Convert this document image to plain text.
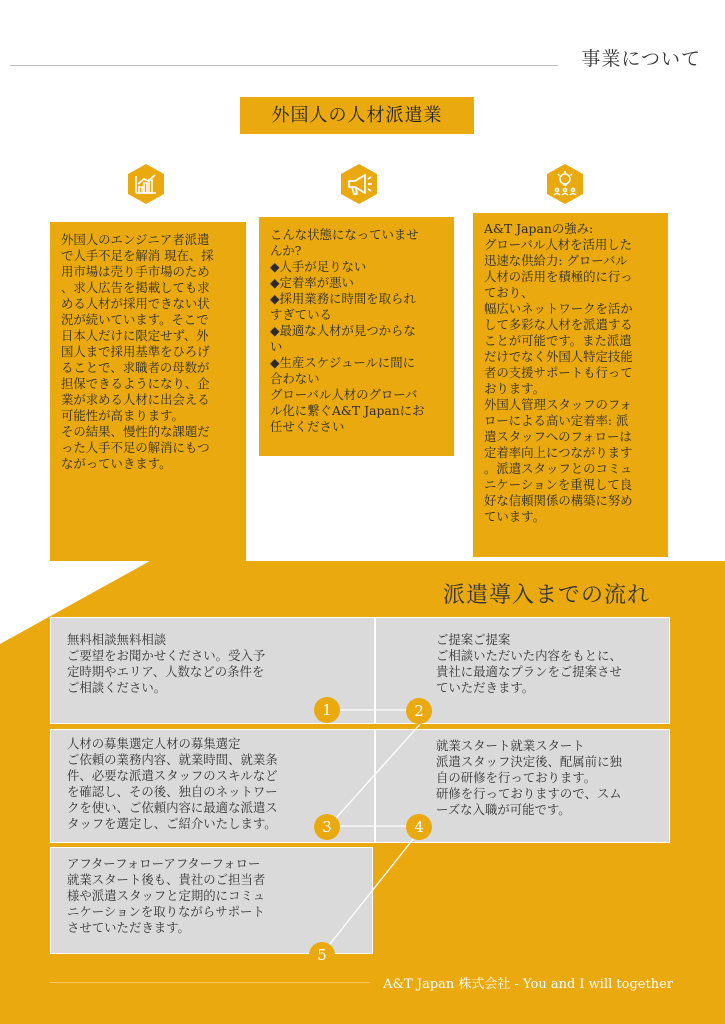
事業について
外国人の人材派遣業

外国人のエンジニア者派遣
で人手不足を解消 現在、採
用市場は売り手市場のため
、求人広告を掲載しても求
める人材が採用できない状
況が続いています。そこで
日本人だけに限定せず、外
国人まで採用基準をひろげ
ることで、求職者の母数が
担保できるようになり、企
業が求める人材に出会える
可能性が高まります。
その結果、慢性的な課題だ
った人手不足の解消にもつ
ながっていきます。

こんな状態になっていませ
んか?
◆人手が足りない
◆定着率が悪い
◆採用業務に時間を取られ
すぎている
◆最適な人材が見つからな
い
◆生産スケジュールに間に
合わない
グローバル人材のグローバ
ル化に繋ぐA&T Japanにお
任せください

A&T Japanの強み:
グローバル人材を活用した
迅速な供給力: グローバル
人材の活用を積極的に行っ
ており、
幅広いネットワークを活か
して多彩な人材を派遣する
ことが可能です。また派遣
だけでなく外国人特定技能
者の支援サポートも行って
おります。
外国人管理スタッフのフォ
ローによる高い定着率: 派
遣スタッフへのフォローは
定着率向上につながります
。派遣スタッフとのコミュ
ニケーションを重視して良
好な信頼関係の構築に努め
ています。

派遣導入までの流れ
無料相談無料相談
ご要望をお聞かせください。受入予
定時期やエリア、人数などの条件を
ご相談ください。
ご提案ご提案
ご相談いただいた内容をもとに、
貴社に最適なプランをご提案させ
ていただきます。
人材の募集選定人材の募集選定
ご依頼の業務内容、就業時間、就業条
件、必要な派遣スタッフのスキルなど
を確認し、その後、独自のネットワー
クを使い、ご依頼内容に最適な派遣ス
タッフを選定し、ご紹介いたします。
就業スタート就業スタート
派遣スタッフ決定後、配属前に独
自の研修を行っております。
研修を行っておりますので、スム
ーズな入職が可能です。
アフターフォローアフターフォロー
就業スタート後も、貴社のご担当者
様や派遣スタッフと定期的にコミュ
ニケーションを取りながらサポート
させていただきます。
1	2
3	4
5
A&T Japan 株式会社 - You and I will together
